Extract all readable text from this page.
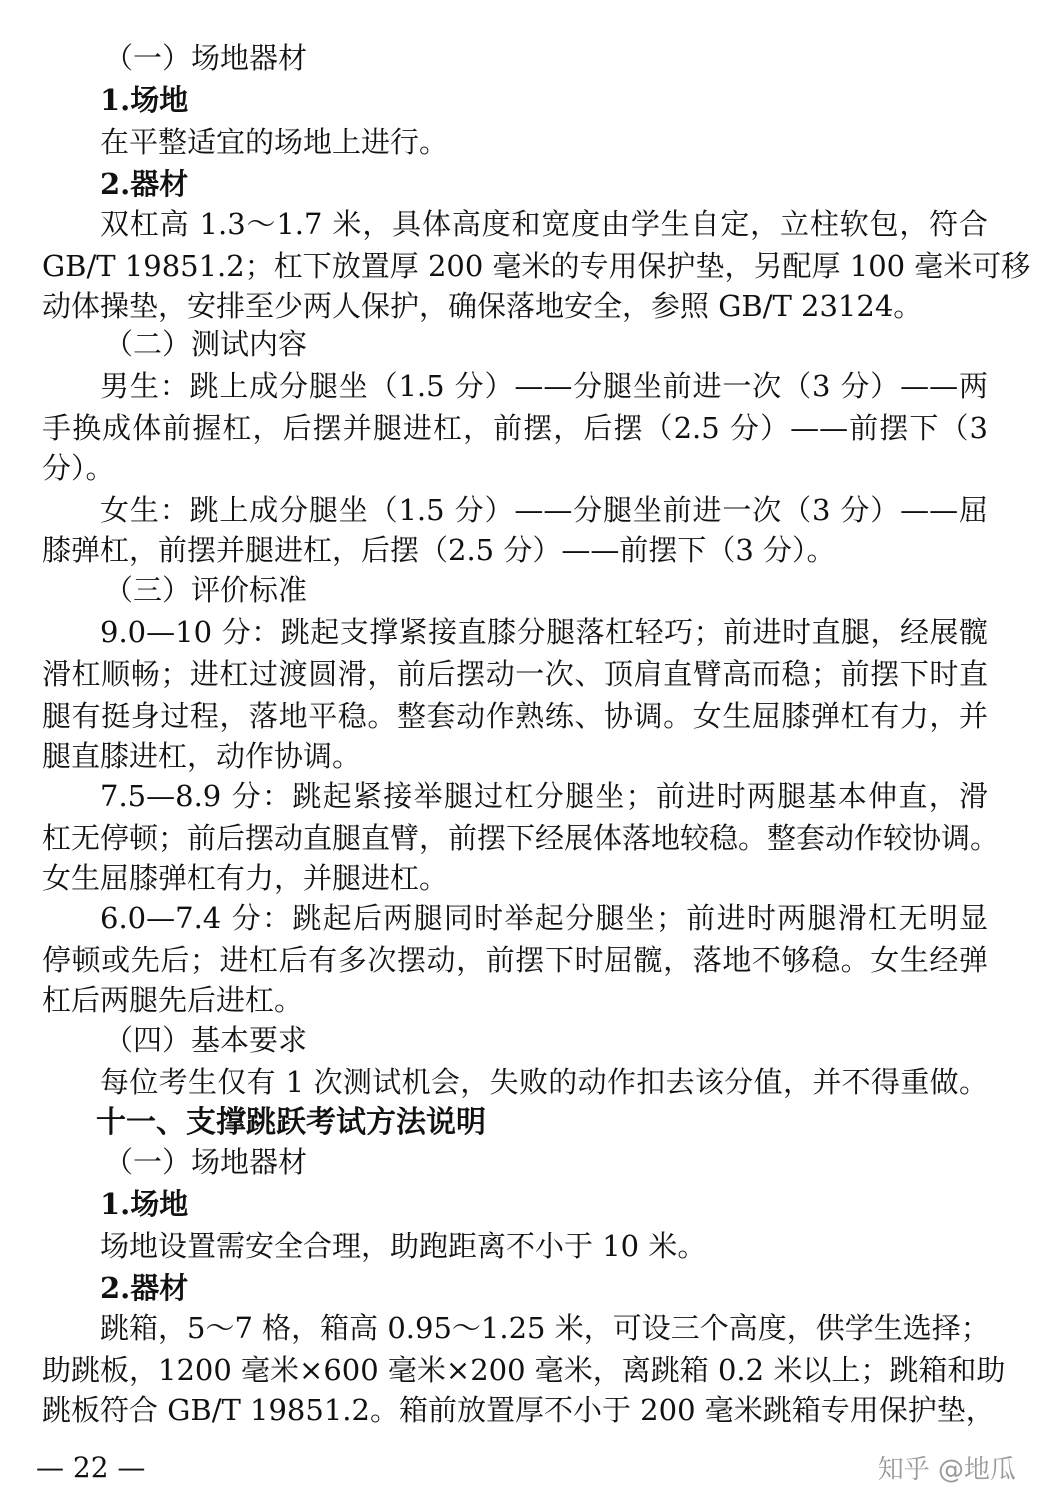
（一）场地器材
1.场地
在平整适宜的场地上进行。
2.器材
双杠高 1.3～1.7 米，具体高度和宽度由学生自定，立柱软包，符合
GB/T 19851.2；杠下放置厚 200 毫米的专用保护垫，另配厚 100 毫米可移
动体操垫，安排至少两人保护，确保落地安全，参照 GB/T 23124。
（二）测试内容
男生：跳上成分腿坐（1.5 分）——分腿坐前进一次（3 分）——两
手换成体前握杠，后摆并腿进杠，前摆，后摆（2.5 分）——前摆下（3
分）。
女生：跳上成分腿坐（1.5 分）——分腿坐前进一次（3 分）——屈
膝弹杠，前摆并腿进杠，后摆（2.5 分）——前摆下（3 分）。
（三）评价标准
9.0—10 分：跳起支撑紧接直膝分腿落杠轻巧；前进时直腿，经展髋
滑杠顺畅；进杠过渡圆滑，前后摆动一次、顶肩直臂高而稳；前摆下时直
腿有挺身过程，落地平稳。整套动作熟练、协调。女生屈膝弹杠有力，并
腿直膝进杠，动作协调。
7.5—8.9 分：跳起紧接举腿过杠分腿坐；前进时两腿基本伸直，滑
杠无停顿；前后摆动直腿直臂，前摆下经展体落地较稳。整套动作较协调。
女生屈膝弹杠有力，并腿进杠。
6.0—7.4 分：跳起后两腿同时举起分腿坐；前进时两腿滑杠无明显
停顿或先后；进杠后有多次摆动，前摆下时屈髋，落地不够稳。女生经弹
杠后两腿先后进杠。
（四）基本要求
每位考生仅有 1 次测试机会，失败的动作扣去该分值，并不得重做。
十一、支撑跳跃考试方法说明
（一）场地器材
1.场地
场地设置需安全合理，助跑距离不小于 10 米。
2.器材
跳箱，5～7 格，箱高 0.95～1.25 米，可设三个高度，供学生选择；
助跳板，1200 毫米×600 毫米×200 毫米，离跳箱 0.2 米以上；跳箱和助
跳板符合 GB/T 19851.2。箱前放置厚不小于 200 毫米跳箱专用保护垫，
— 22 —	知乎 @地瓜
